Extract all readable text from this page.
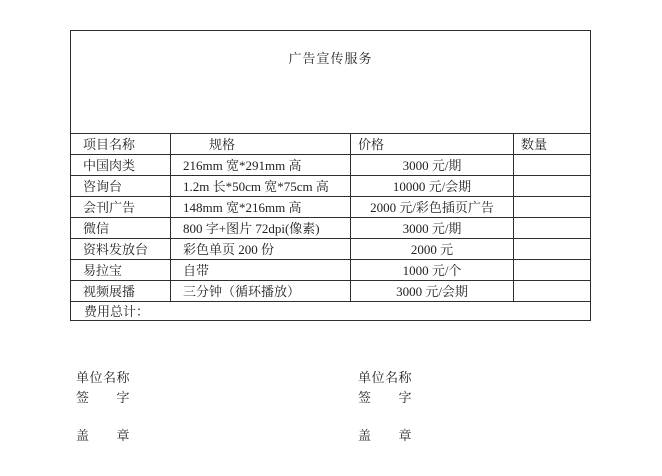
广告宣传服务			
项目名称	规格	价格	数量
中国肉类	216mm 宽*291mm 高	3000 元/期	
咨询台	1.2m 长*50cm 宽*75cm 高	10000 元/会期	
会刊广告	148mm 宽*216mm 高	2000 元/彩色插页广告	
微信	800 字+图片 72dpi(像素)	3000 元/期	
资料发放台	彩色单页 200 份	2000 元	
易拉宝	自带	1000 元/个	
视频展播	三分钟（循环播放）	3000 元/会期	
费用总计：			
单位名称
签　　字
盖　　章
单位名称
签　　字
盖　　章
